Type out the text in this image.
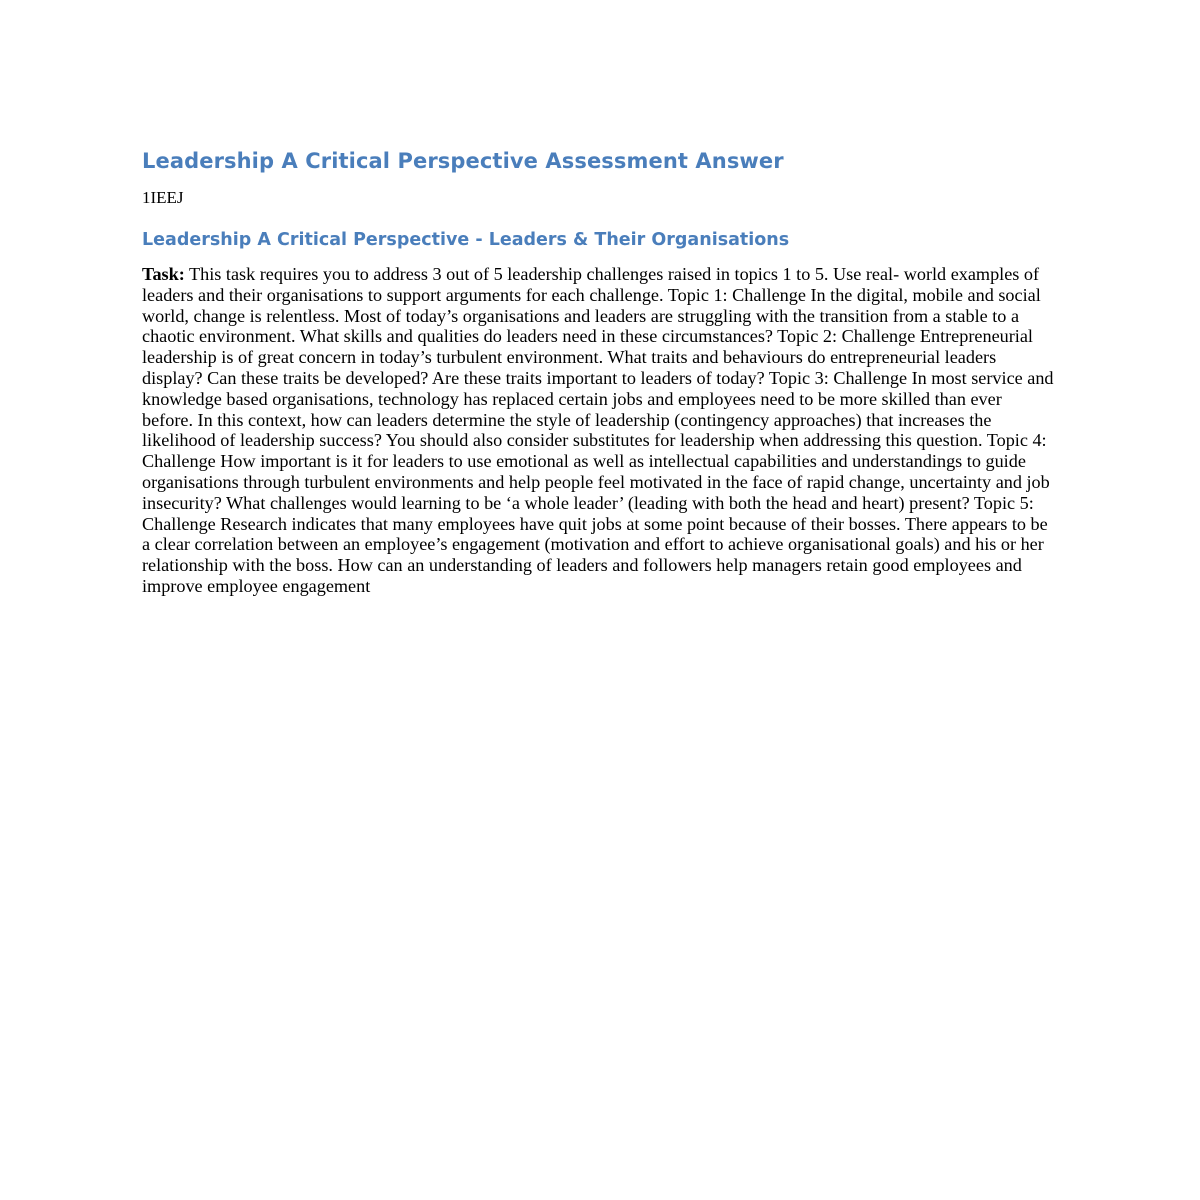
Leadership A Critical Perspective Assessment Answer

1IEEJ

Leadership A Critical Perspective - Leaders & Their Organisations

Task: This task requires you to address 3 out of 5 leadership challenges raised in topics 1 to 5. Use real- world examples of leaders and their organisations to support arguments for each challenge. Topic 1: Challenge In the digital, mobile and social world, change is relentless. Most of today’s organisations and leaders are struggling with the transition from a stable to a chaotic environment. What skills and qualities do leaders need in these circumstances? Topic 2: Challenge Entrepreneurial leadership is of great concern in today’s turbulent environment. What traits and behaviours do entrepreneurial leaders display? Can these traits be developed? Are these traits important to leaders of today? Topic 3: Challenge In most service and knowledge based organisations, technology has replaced certain jobs and employees need to be more skilled than ever before. In this context, how can leaders determine the style of leadership (contingency approaches) that increases the likelihood of leadership success? You should also consider substitutes for leadership when addressing this question. Topic 4: Challenge How important is it for leaders to use emotional as well as intellectual capabilities and understandings to guide organisations through turbulent environments and help people feel motivated in the face of rapid change, uncertainty and job insecurity? What challenges would learning to be ‘a whole leader’ (leading with both the head and heart) present? Topic 5: Challenge Research indicates that many employees have quit jobs at some point because of their bosses. There appears to be a clear correlation between an employee’s engagement (motivation and effort to achieve organisational goals) and his or her relationship with the boss. How can an understanding of leaders and followers help managers retain good employees and improve employee engagement
